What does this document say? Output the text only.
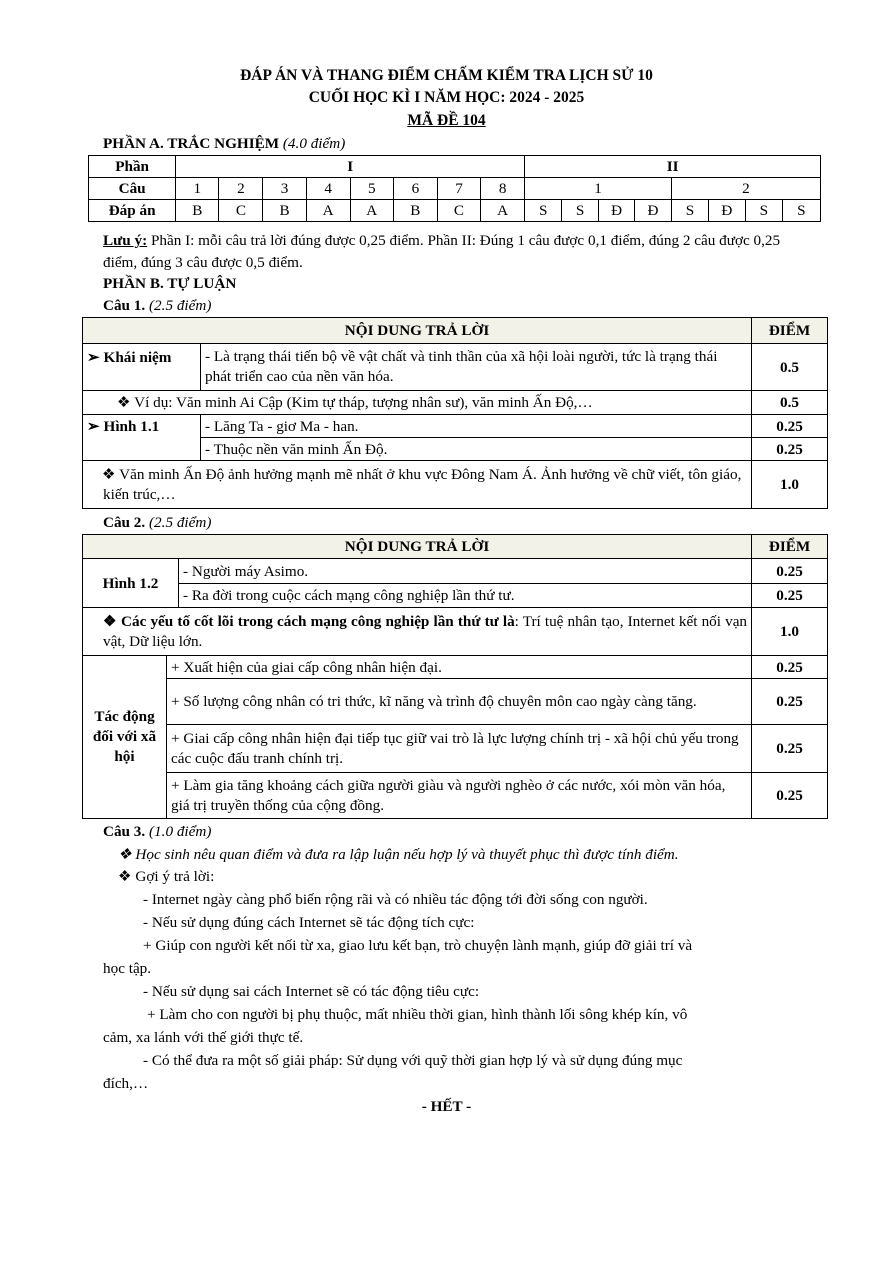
ĐÁP ÁN VÀ THANG ĐIỂM CHẤM KIỂM TRA LỊCH SỬ 10
CUỐI HỌC KÌ I NĂM HỌC: 2024 - 2025
MÃ ĐỀ 104
PHẦN A. TRẮC NGHIỆM (4.0 điểm)
Phần	I								II							
Câu	1	2	3	4	5	6	7	8	1				2			
Đáp án	B	C	B	A	A	B	C	A	S	S	Đ	Đ	S	Đ	S	S
Lưu ý: Phần I: mỗi câu trả lời đúng được 0,25 điểm. Phần II: Đúng 1 câu được 0,1 điểm, đúng 2 câu được 0,25 điểm, đúng 3 câu được 0,5 điểm.
PHẦN B. TỰ LUẬN
Câu 1. (2.5 điểm)
NỘI DUNG TRẢ LỜI		ĐIỂM
➢ Khái niệm	- Là trạng thái tiến bộ về vật chất và tinh thần của xã hội loài người, tức là trạng thái phát triển cao của nền văn hóa.	0.5
❖ Ví dụ: Văn minh Ai Cập (Kim tự tháp, tượng nhân sư), văn minh Ấn Độ,…		0.5
➢ Hình 1.1	- Lăng Ta - giơ Ma - han.	0.25
	- Thuộc nền văn minh Ấn Độ.	0.25
❖ Văn minh Ấn Độ ảnh hưởng mạnh mẽ nhất ở khu vực Đông Nam Á. Ảnh hưởng về chữ viết, tôn giáo, kiến trúc,…		1.0
Câu 2. (2.5 điểm)
NỘI DUNG TRẢ LỜI			ĐIỂM
Hình 1.2		- Người máy Asimo.	0.25
		- Ra đời trong cuộc cách mạng công nghiệp lần thứ tư.	0.25
❖ Các yếu tố cốt lõi trong cách mạng công nghiệp lần thứ tư là: Trí tuệ nhân tạo, Internet kết nối vạn vật, Dữ liệu lớn.			1.0
Tác động đối với xã hội	+ Xuất hiện của giai cấp công nhân hiện đại.		0.25
	+ Số lượng công nhân có tri thức, kĩ năng và trình độ chuyên môn cao ngày càng tăng.		0.25
	+ Giai cấp công nhân hiện đại tiếp tục giữ vai trò là lực lượng chính trị - xã hội chủ yếu trong các cuộc đấu tranh chính trị.		0.25
	+ Làm gia tăng khoảng cách giữa người giàu và người nghèo ở các nước, xói mòn văn hóa, giá trị truyền thống của cộng đồng.		0.25
Câu 3. (1.0 điểm)
❖ Học sinh nêu quan điểm và đưa ra lập luận nếu hợp lý và thuyết phục thì được tính điểm.
❖ Gợi ý trả lời:
- Internet ngày càng phổ biến rộng rãi và có nhiều tác động tới đời sống con người.
- Nếu sử dụng đúng cách Internet sẽ tác động tích cực:
+ Giúp con người kết nối từ xa, giao lưu kết bạn, trò chuyện lành mạnh, giúp đỡ giải trí và
học tập.
- Nếu sử dụng sai cách Internet sẽ có tác động tiêu cực:
+ Làm cho con người bị phụ thuộc, mất nhiều thời gian, hình thành lối sông khép kín, vô
cảm, xa lánh với thế giới thực tế.
- Có thể đưa ra một số giải pháp: Sử dụng với quỹ thời gian hợp lý và sử dụng đúng mục
đích,…
- HẾT -
